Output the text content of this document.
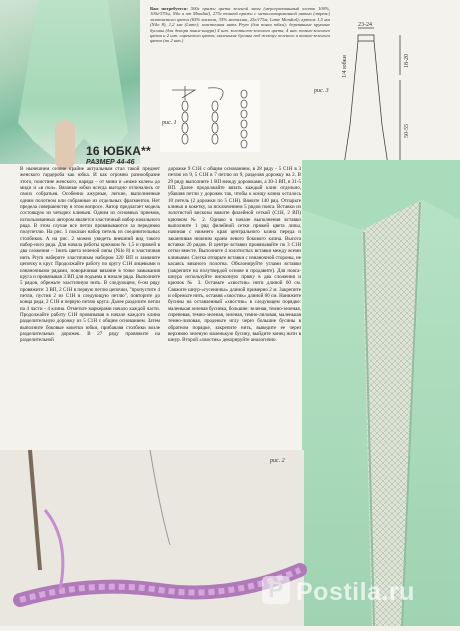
Вам потребуется: 500г пряжи цвета зеленой липы (мерсеризованный хлопок 100%, 100г/370м, Nilo в от Mondial), 275г тонкой пряжи с металлизированной нитью (люрекс) золотистого цвета (65% вискоза, 35% металлик, 25г/175м, Lame Mondial); крючок 1,5 мм (Nilo 8), 1,2 мм (Lame); эластичная нить Prym (для пояса юбки); деревянные крупные бусины (для декора пояса-шнура) 4 шт. золотисто-зеленого цвета, 4 шт. темно-зеленого цвета и 2 шт. сиреневого цвета; маленькие бусины под жемчуг зеленого и темно-зеленого цвета (по 2 шт.)
рис. 1
23-24
1/4 юбки	18-20
50-55
рис. 3
16 ЮБКА**
РАЗМЕР 44-46

В нынешнем сезоне крайне актуальным стал такой предмет женского гардероба как юбка. И как огромно разнообразие этого, поистине женского, наряда – от мини и «ниже колен» до миди и «в пол». Вязаные юбки всегда выгодно отличались от своих собратьев. Особенно ажурные, легкие, выполненные одним полотном или собранные из отдельных фрагментов. Нет предела совершенству в этом вопросе. Автор предлагает модель состоящую из четырех клиньев. Одним из основных приемов, использованных автором является эластичный набор начального ряда. В этом случае все петли провязываются за переднюю полупетлю. На рис. 1 показан набор петель из соединительных столбиков. А на рис. 2 можно увидеть внешний вид такого набор-ного ряда. Для начала работы крючком № 1,5 и пряжей в два сложения – 1нить цвета зеленой липы (Nilo 8) и эластичная нить Prym наберите эластичным набором 320 ВП и замкните цепочку в круг. Продолжайте работу по кругу С1Н лицевыми и изнаночными рядами, поворачивая вязание в точке замыкания круга и провязывая 3 ВП для подъема в начале ряда. Выполните 5 рядов, обрежьте эластичную нить. В следующем, 6-ом ряду провяжите: 3 ВП, 2 С1Н в первую петлю цепочки, "пропустите 4 петли, пустив 2 из С1Н в следующую петлю", повторите до конца ряда, 2 С1Н в первую петлю круга. Далее разделите петли на 4 части - 4 клина. Отметьте маркерами начало каждой части. Продолжайте работу С1Н провязывая в начале каждого клина разделительную дорожку из 5 С1Н с общим основанием. Затем выполните боковые кокетки юбки, прибавляя столбики возле разделительных дорожек. В 27 ряду провяжите на разделительной

дорожке 9 С1Н с общим основанием, в 28 ряду - 5 С1Н в 3 петлю из 9, 5 С1Н в 7 петлю из 9, разделяя дорожку на 2. В 29 ряду выполните 1 ВП между дорожками, а 30-3 ВП, в 31-5 ВП. Далее продолжайте вязать каждый клин отдельно, убавляя петли у дорожек так, чтобы к концу клина осталось 10 петель (2 дорожки по 5 С1Н). Вяжите 140 ряд. Отпарьте клинья и кокетку, за исключением 5 рядов пояса. Вставки из золотистой вискозы вяжите филейной сеткой (С1Н, 2 ВП) крючком № 2. Однако в начале выполнения вставки выполните 1 ряд филейной сетки пряжей цвета липы, начиная с нижнего края центрального клина переда и заканчивая нижним краем левого бокового клина. Высота вставки 26 рядов. В центре вставки провязывайте по 3 С1Н сетки вместе. Выполните 4 золотистых вставки между всеми клиньями. Слегка отпарьте вставки с изнаночной стороны, не касаясь вязаного полотна. Обклонируйте углами вставки (закрепите на полутвердой основе и продавите). Для пояса-шнура используйте вискозную пряжу в два сложения и крючок № 3. Оставьте «хвостик» нити длиной 60 см. Свяжите шнур-«гусеничка» длиной примерно 2 м. Закрепите и обрежьте нить, оставив «хвостик» длиной 60 см. Нанижите бусины на оставленный «хвостик» в следующем порядке: маленькая зеленая бусинка, большие: зеленая, темно-зеленая, сиреневая, темно-зеленая, зеленая, темно-лиловая, маленькая темно-лиловая, проденьте иглу через большие бусины в обратном порядке, закрепите нить, выведите ее через верхнюю зеленую маленькую бусину, выйдите конец нити в шнур. Второй «хвостик» декорируйте аналогично.

рис. 2
P Postila.ru
